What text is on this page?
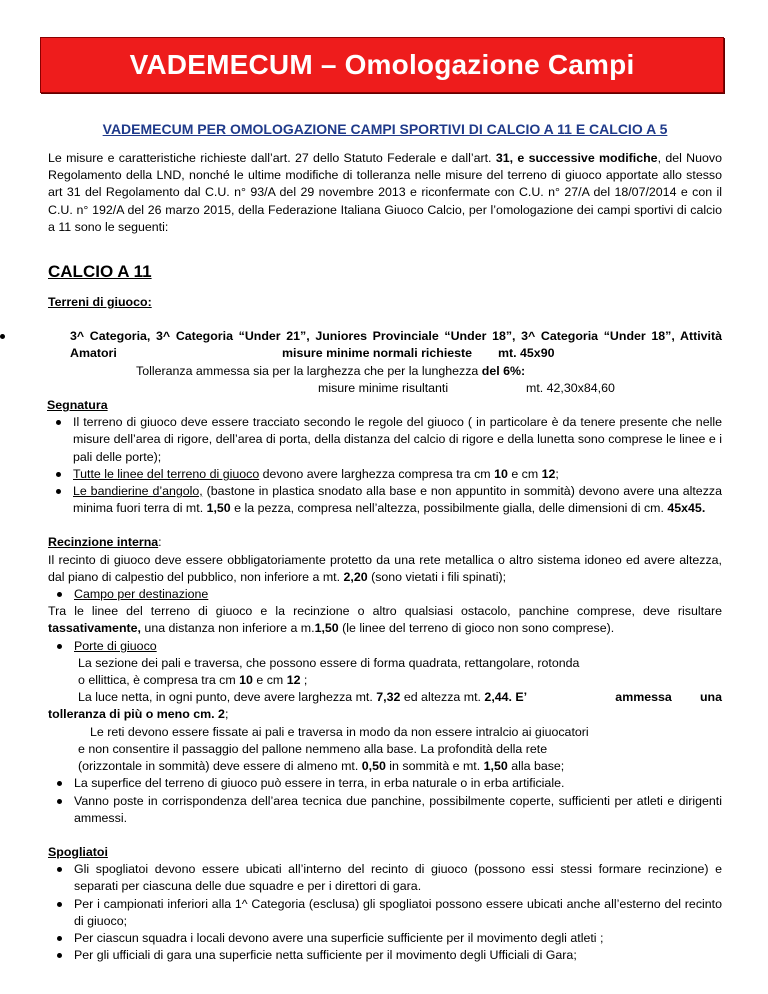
VADEMECUM – Omologazione Campi
VADEMECUM PER OMOLOGAZIONE CAMPI SPORTIVI DI CALCIO A 11 E CALCIO A 5

Le misure e caratteristiche richieste dall’art. 27 dello Statuto Federale e dall’art. 31, e successive modifiche, del Nuovo Regolamento della LND, nonché le ultime modifiche di tolleranza nelle misure del terreno di giuoco apportate allo stesso art 31 del Regolamento dal C.U. n° 93/A del 29 novembre 2013 e riconfermate con C.U. n° 27/A del 18/07/2014 e con il C.U. n° 192/A del 26 marzo 2015, della Federazione Italiana Giuoco Calcio, per l’omologazione dei campi sportivi di calcio a 11 sono le seguenti:

CALCIO A 11
Terreni di giuoco:
3^ Categoria, 3^ Categoria “Under 21”, Juniores Provinciale “Under 18”, 3^ Categoria “Under 18”, Attività
Amatori	misure minime normali richieste	mt. 45x90

Tolleranza ammessa sia per la larghezza che per la lunghezza del 6%:

misure minime risultanti	mt. 42,30x84,60
Segnatura
Il terreno di giuoco deve essere tracciato secondo le regole del giuoco ( in particolare è da tenere presente che nelle misure dell’area di rigore, dell’area di porta, della distanza del calcio di rigore e della lunetta sono comprese le linee e i pali delle porte);
Tutte le linee del terreno di giuoco devono avere larghezza compresa tra cm 10 e cm 12;
Le bandierine d’angolo, (bastone in plastica snodato alla base e non appuntito in sommità) devono avere una altezza minima fuori terra di mt. 1,50 e la pezza, compresa nell’altezza, possibilmente gialla, delle dimensioni di cm. 45x45.
Recinzione interna:

Il recinto di giuoco deve essere obbligatoriamente protetto da una rete metallica o altro sistema idoneo ed avere altezza, dal piano di calpestio del pubblico, non inferiore a mt. 2,20 (sono vietati i fili spinati);

Campo per destinazione

Tra le linee del terreno di giuoco e la recinzione o altro qualsiasi ostacolo, panchine comprese, deve risultare tassativamente, una distanza non inferiore a m.1,50 (le linee del terreno di gioco non sono comprese).

Porte di giuoco
La sezione dei pali e traversa, che possono essere di forma quadrata, rettangolare, rotonda
o ellittica, è compresa tra cm 10 e cm 12 ;
La luce netta, in ogni punto, deve avere larghezza mt. 7,32 ed altezza mt. 2,44. E’	ammessa una
tolleranza di più o meno cm. 2;
Le reti devono essere fissate ai pali e traversa in modo da non essere intralcio ai giuocatori
e non consentire il passaggio del pallone nemmeno alla base. La profondità della rete
(orizzontale in sommità) deve essere di almeno mt. 0,50 in sommità e mt. 1,50 alla base;
La superfice del terreno di giuoco può essere in terra, in erba naturale o in erba artificiale.
Vanno poste in corrispondenza dell’area tecnica due panchine, possibilmente coperte, sufficienti per atleti e dirigenti ammessi.
Spogliatoi
Gli spogliatoi devono essere ubicati all’interno del recinto di giuoco (possono essi stessi formare recinzione) e separati per ciascuna delle due squadre e per i direttori di gara.
Per i campionati inferiori alla 1^ Categoria (esclusa) gli spogliatoi possono essere ubicati anche all’esterno del recinto di giuoco;
Per ciascun squadra i locali devono avere una superficie sufficiente per il movimento degli atleti ;
Per gli ufficiali di gara una superficie netta sufficiente per il movimento degli Ufficiali di Gara;
